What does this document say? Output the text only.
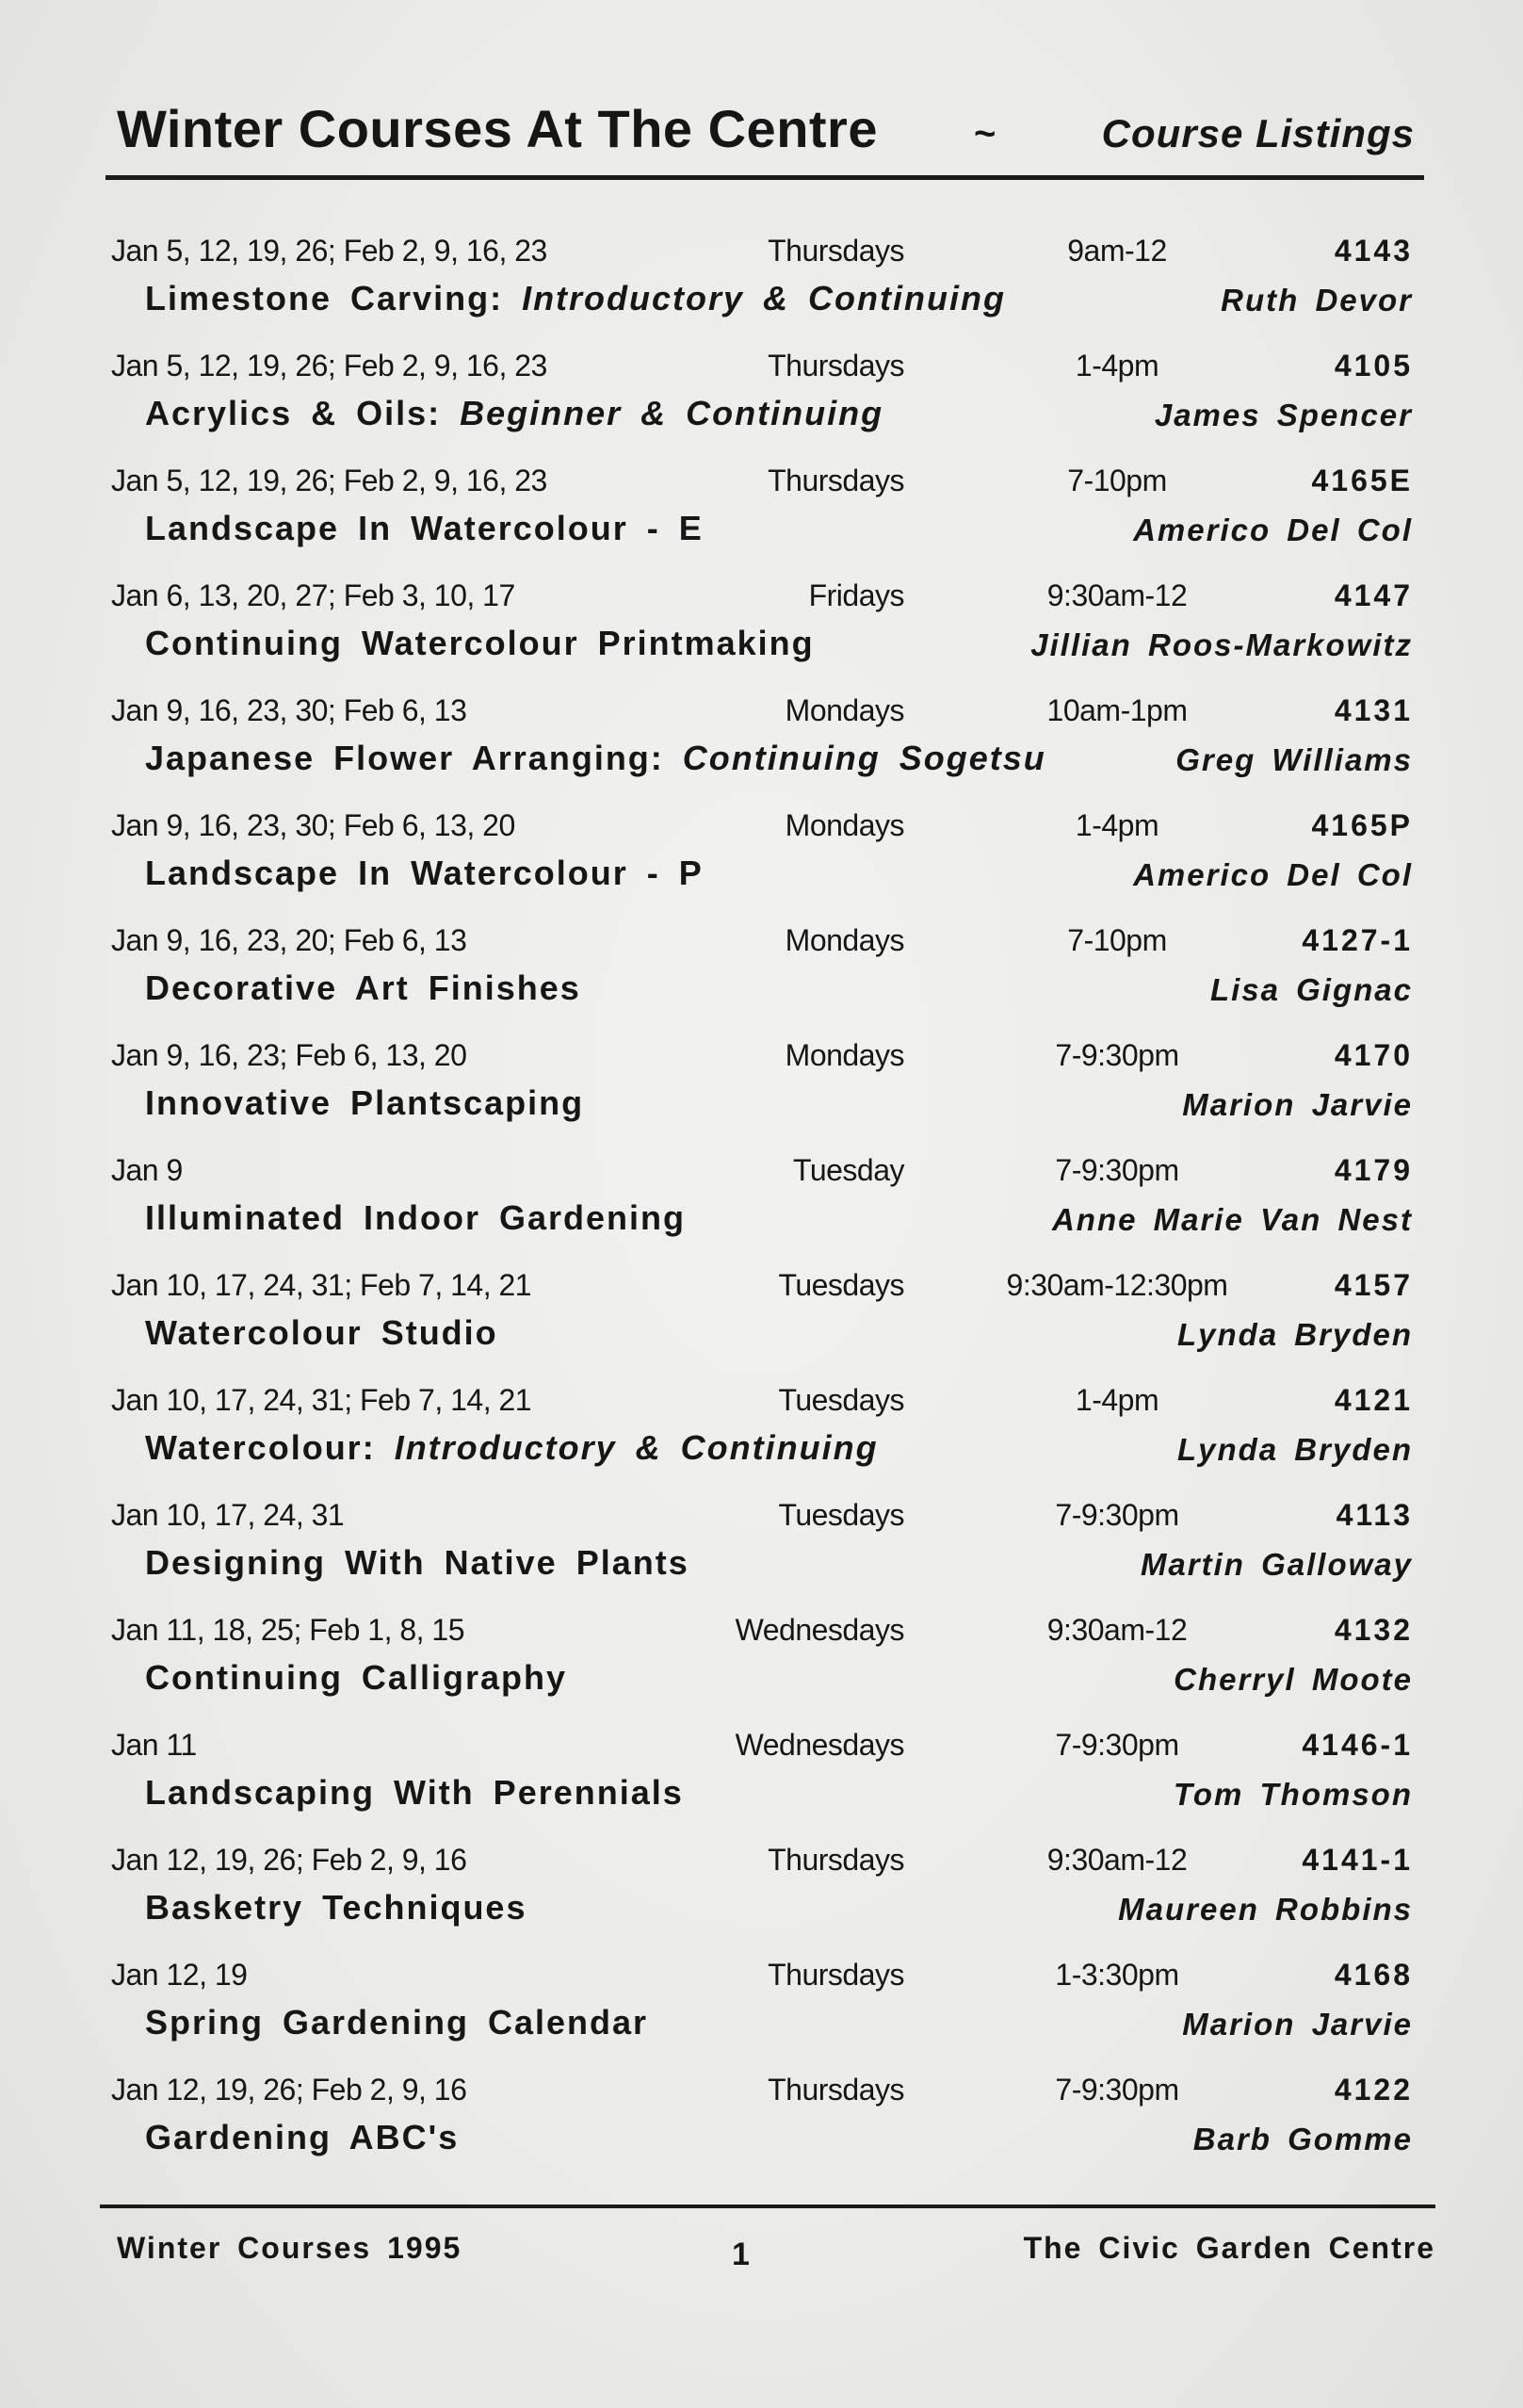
Winter Courses At The Centre	~	Course Listings
Jan 5, 12, 19, 26; Feb 2, 9, 16, 23	Thursdays	9am-12	4143
Limestone Carving: Introductory & Continuing	Ruth Devor
Jan 5, 12, 19, 26; Feb 2, 9, 16, 23	Thursdays	1-4pm	4105
Acrylics & Oils: Beginner & Continuing	James Spencer
Jan 5, 12, 19, 26; Feb 2, 9, 16, 23	Thursdays	7-10pm	4165E
Landscape In Watercolour - E	Americo Del Col
Jan 6, 13, 20, 27; Feb 3, 10, 17	Fridays	9:30am-12	4147
Continuing Watercolour Printmaking	Jillian Roos-Markowitz
Jan 9, 16, 23, 30; Feb 6, 13	Mondays	10am-1pm	4131
Japanese Flower Arranging: Continuing Sogetsu	Greg Williams
Jan 9, 16, 23, 30; Feb 6, 13, 20	Mondays	1-4pm	4165P
Landscape In Watercolour - P	Americo Del Col
Jan 9, 16, 23, 20; Feb 6, 13	Mondays	7-10pm	4127-1
Decorative Art Finishes	Lisa Gignac
Jan 9, 16, 23; Feb 6, 13, 20	Mondays	7-9:30pm	4170
Innovative Plantscaping	Marion Jarvie
Jan 9	Tuesday	7-9:30pm	4179
Illuminated Indoor Gardening	Anne Marie Van Nest
Jan 10, 17, 24, 31; Feb 7, 14, 21	Tuesdays	9:30am-12:30pm	4157
Watercolour Studio	Lynda Bryden
Jan 10, 17, 24, 31; Feb 7, 14, 21	Tuesdays	1-4pm	4121
Watercolour: Introductory & Continuing	Lynda Bryden
Jan 10, 17, 24, 31	Tuesdays	7-9:30pm	4113
Designing With Native Plants	Martin Galloway
Jan 11, 18, 25; Feb 1, 8, 15	Wednesdays	9:30am-12	4132
Continuing Calligraphy	Cherryl Moote
Jan 11	Wednesdays	7-9:30pm	4146-1
Landscaping With Perennials	Tom Thomson
Jan 12, 19, 26; Feb 2, 9, 16	Thursdays	9:30am-12	4141-1
Basketry Techniques	Maureen Robbins
Jan 12, 19	Thursdays	1-3:30pm	4168
Spring Gardening Calendar	Marion Jarvie
Jan 12, 19, 26; Feb 2, 9, 16	Thursdays	7-9:30pm	4122
Gardening ABC's	Barb Gomme
Winter Courses 1995	1	The Civic Garden Centre
